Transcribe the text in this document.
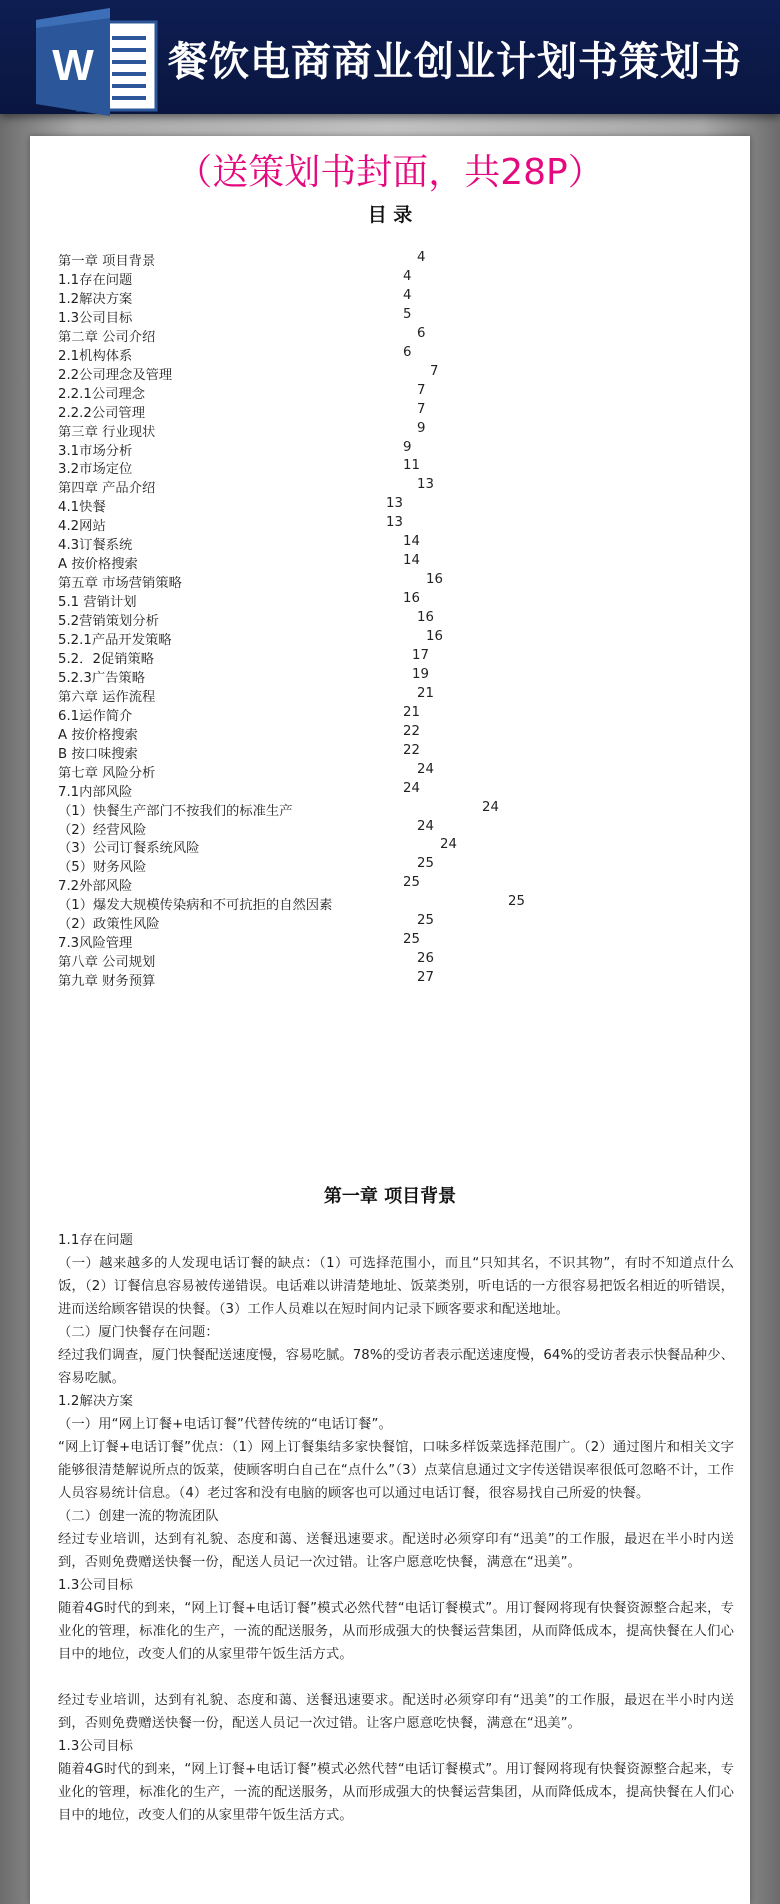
W 餐饮电商商业创业计划书策划书
（送策划书封面，共28P）
目 录
第一章 项目背景	4
1.1存在问题	4
1.2解决方案	4
1.3公司目标	5
第二章 公司介绍	6
2.1机构体系	6
2.2公司理念及管理	7
2.2.1公司理念	7
2.2.2公司管理	7
第三章 行业现状	9
3.1市场分析	9
3.2市场定位	11
第四章 产品介绍	13
4.1快餐	13
4.2网站	13
4.3订餐系统	14
A 按价格搜索	14
第五章 市场营销策略	16
5.1 营销计划	16
5.2营销策划分析	16
5.2.1产品开发策略	16
5.2．2促销策略	17
5.2.3广告策略	19
第六章 运作流程	21
6.1运作简介	21
A 按价格搜索	22
B 按口味搜索	22
第七章 风险分析	24
7.1内部风险	24
（1）快餐生产部门不按我们的标准生产	24
（2）经营风险	24
（3）公司订餐系统风险	24
（5）财务风险	25
7.2外部风险	25
（1）爆发大规模传染病和不可抗拒的自然因素	25
（2）政策性风险	25
7.3风险管理	25
第八章 公司规划	26
第九章 财务预算	27
第一章 项目背景

1.1存在问题

（一）越来越多的人发现电话订餐的缺点：（1）可选择范围小，而且“只知其名，不识其物”，有时不知道点什么饭，（2）订餐信息容易被传递错误。电话难以讲清楚地址、饭菜类别，听电话的一方很容易把饭名相近的听错误，进而送给顾客错误的快餐。（3）工作人员难以在短时间内记录下顾客要求和配送地址。

（二）厦门快餐存在问题：

经过我们调查，厦门快餐配送速度慢，容易吃腻。78%的受访者表示配送速度慢，64%的受访者表示快餐品种少、容易吃腻。

1.2解决方案

（一）用“网上订餐+电话订餐”代替传统的“电话订餐”。

“网上订餐+电话订餐”优点：（1）网上订餐集结多家快餐馆，口味多样饭菜选择范围广。（2）通过图片和相关文字能够很清楚解说所点的饭菜，使顾客明白自己在“点什么”（3）点菜信息通过文字传送错误率很低可忽略不计，工作人员容易统计信息。（4）老过客和没有电脑的顾客也可以通过电话订餐，很容易找自己所爱的快餐。

（二）创建一流的物流团队

经过专业培训，达到有礼貌、态度和蔼、送餐迅速要求。配送时必须穿印有“迅美”的工作服，最迟在半小时内送到，否则免费赠送快餐一份，配送人员记一次过错。让客户愿意吃快餐，满意在“迅美”。

1.3公司目标

随着4G时代的到来，“网上订餐+电话订餐”模式必然代替“电话订餐模式”。用订餐网将现有快餐资源整合起来，专业化的管理，标准化的生产，一流的配送服务，从而形成强大的快餐运营集团，从而降低成本，提高快餐在人们心目中的地位，改变人们的从家里带午饭生活方式。

经过专业培训，达到有礼貌、态度和蔼、送餐迅速要求。配送时必须穿印有“迅美”的工作服，最迟在半小时内送到，否则免费赠送快餐一份，配送人员记一次过错。让客户愿意吃快餐，满意在“迅美”。

1.3公司目标

随着4G时代的到来，“网上订餐+电话订餐”模式必然代替“电话订餐模式”。用订餐网将现有快餐资源整合起来，专业化的管理，标准化的生产，一流的配送服务，从而形成强大的快餐运营集团，从而降低成本，提高快餐在人们心目中的地位，改变人们的从家里带午饭生活方式。
